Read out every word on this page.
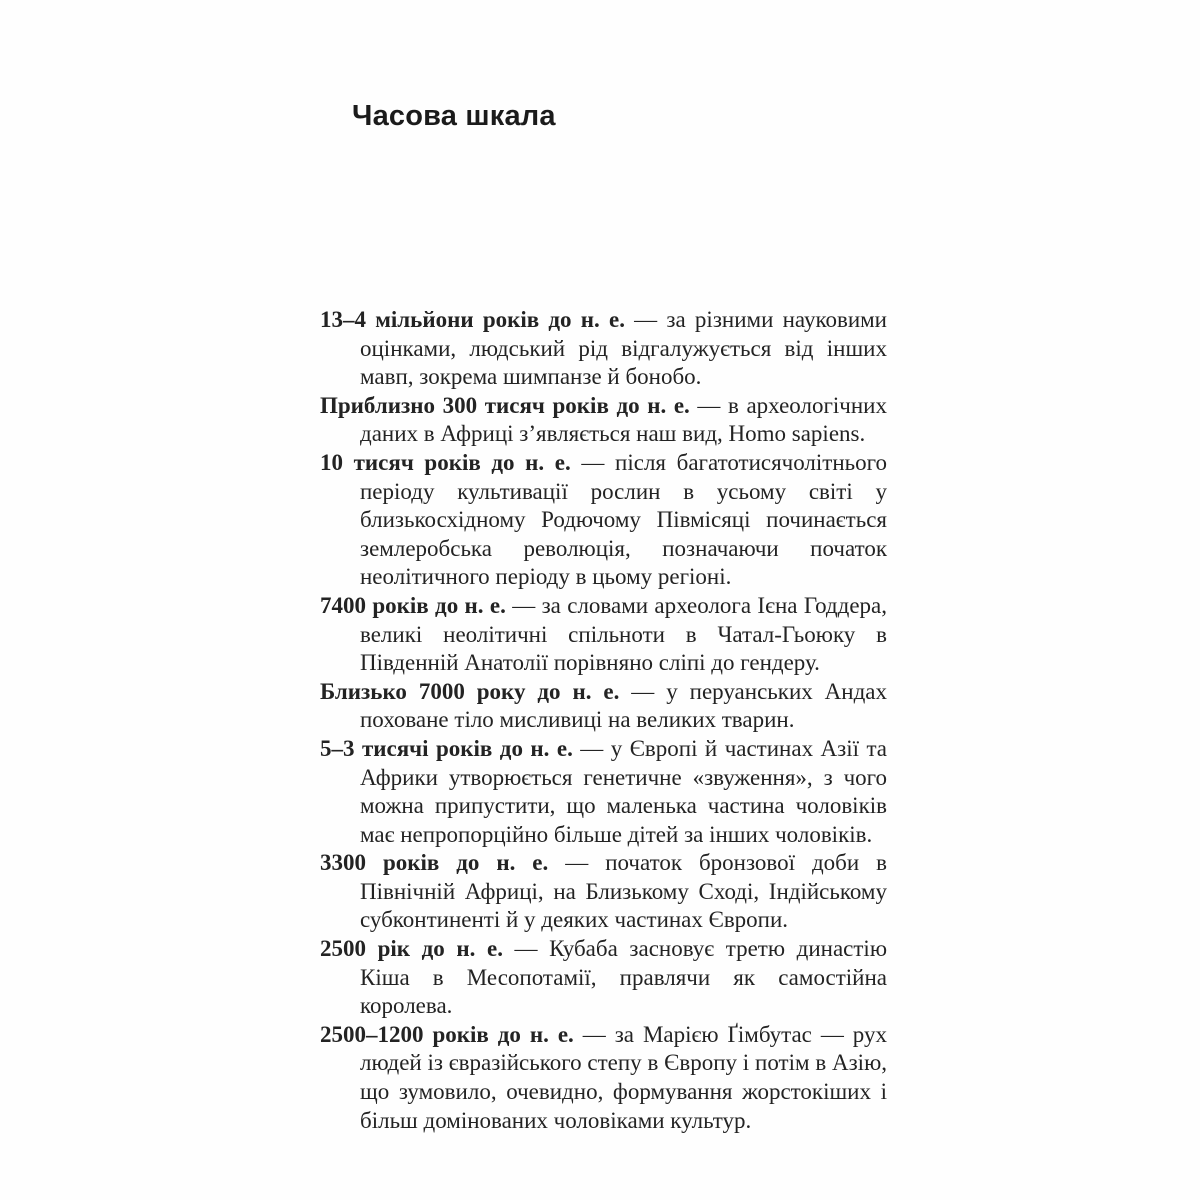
Часова шкала

13–4 мільйони років до н. е. — за різними науковими оцінками, людський рід відгалужується від інших мавп, зокрема шимпанзе й бонобо.

Приблизно 300 тисяч років до н. е. — в археологічних даних в Африці з’являється наш вид, Homo sapiens.

10 тисяч років до н. е. — після багатотисячолітнього періоду культивації рослин в усьому світі у близькосхідному Родючому Півмісяці починається землеробська революція, позначаючи початок неолітичного періоду в цьому регіоні.

7400 років до н. е. — за словами археолога Ієна Годдера, великі неолітичні спільноти в Чатал-Гьоюку в Південній Анатолії порівняно сліпі до гендеру.

Близько 7000 року до н. е. — у перуанських Андах поховане тіло мисливиці на великих тварин.

5–3 тисячі років до н. е. — у Європі й частинах Азії та Африки утворюється генетичне «звуження», з чого можна припустити, що маленька частина чоловіків має непропорційно більше дітей за інших чоловіків.

3300 років до н. е. — початок бронзової доби в Північній Африці, на Близькому Сході, Індійському субконтиненті й у деяких частинах Європи.

2500 рік до н. е. — Кубаба засновує третю династію Кіша в Месопотамії, правлячи як самостійна королева.

2500–1200 років до н. е. — за Марією Ґімбутас — рух людей із євразійського степу в Європу і потім в Азію, що зумовило, очевидно, формування жорстокіших і більш домінованих чоловіками культур.
